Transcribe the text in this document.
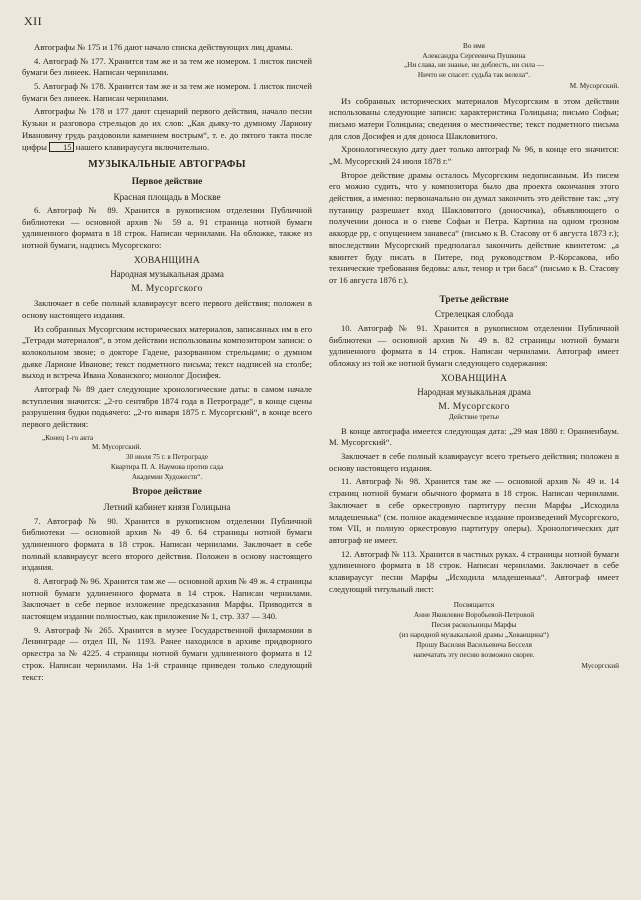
XII

Автографы № 175 и 176 дают начало списка действующих лиц драмы.

4. Автограф № 177. Хранится там же и за тем же номером. 1 листок писчей бумаги без линеек. Написан чернилами.

5. Автограф № 178. Хранится там же и за тем же номером. 1 листок писчей бумаги без линеек. Написан чернилами.

Автографы № 178 и 177 дают сценарий первого действия, начало песни Кузьки и разговора стрельцов до их слов: „Как дьяку-то думному Лариону Ивановичу грудь раздовоили камением вострым“, т. е. до пятого такта после цифры 15 нашего клавираусуга включительно.

МУЗЫКАЛЬНЫЕ АВТОГРАФЫ
Первое действие
Красная площадь в Москве

6. Автограф № 89. Хранится в рукописном отделении Публичной библиотеки — основной архив № 59 а. 91 страница нотной бумаги удлиненного формата в 18 строк. Написан чернилами. На обложке, также из нотной бумаги, надпись Мусоргского:

ХОВАНЩИНА
Народная музыкальная драма
М. Мусоргского

Заключает в себе полный клавираусуг всего первого действия; положен в основу настоящего издания.

Из собранных Мусоргским исторических материалов, записанных им в его „Тетради материалов“, в этом действии использованы композитором записи: о колокольном звоне; о докторе Гадене, разорванном стрельцами; о думном дьяке Ларионе Иванове; текст подметного письма; текст надписей на столбе; выход и встреча Ивана Хованского; монолог Досифея.

Автограф № 89 дает следующие хронологические даты: в самом начале вступления значится: „2-го сентября 1874 года в Петрограде“, в конце сцены разрушения будки подьячего: „2-го января 1875 г. Мусоргский“, в конце всего первого действия:

„Конец 1-го акта
М. Мусоргский.
30 июля 75 г. в Петрограде
Квартира П. А. Наумова против сада
Академии Художеств“.
Второе действие
Летний кабинет князя Голицына

7. Автограф № 90. Хранится в рукописном отделении Публичной библиотеки — основной архив № 49 б. 64 страницы нотной бумаги удлиненного формата в 18 строк. Написан чернилами. Заключает в себе полный клавираусуг всего второго действия. Положен в основу настоящего издания.

8. Автограф № 96. Хранится там же — основной архив № 49 ж. 4 страницы нотной бумаги удлиненного формата в 14 строк. Написан чернилами. Заключает в себе первое изложение предсказания Марфы. Приводится в настоящем издании полностью, как приложение № 1, стр. 337 — 340.

9. Автограф № 265. Хранится в музее Государственной филармонии в Ленинграде — отдел III, № 1193. Ранее находился в архиве придворного оркестра за № 4225. 4 страницы нотной бумаги удлиненного формата в 12 строк. Написан чернилами. На 1-й странице приведен только следующий текст:

Во имя
Александра Сергеевича Пушкина
„Ни слава, ни знанье, ни доблесть, ни сила —
Ничто не спасет: судьба так велела“.
М. Мусоргский.

Из собранных исторических материалов Мусоргским в этом действии использованы следующие записи: характеристика Голицына; письмо Софьи; письмо матери Голицына; сведения о местничестве; текст подметного письма для слов Досифея и для доноса Шакловитого.

Хронологическую дату дает только автограф № 96, в конце его значится: „М. Мусоргский 24 июля 1878 г.“

Второе действие драмы осталось Мусоргским недописанным. Из писем его можно судить, что у композитора было два проекта окончания этого действия, а именно: первоначально он думал закончить это действие так: „эту путаницу разрешает вход Шакловитого (доносчика), объявляющего о получении доноса и о гневе Софьи и Петра. Картина на одном грозном аккорде pp, с опущением занавеса“ (письмо к В. Стасову от 6 августа 1873 г.); впоследствии Мусоргский предполагал закончить действие квинтетом: „а квинтет буду писать в Питере, под руководством Р.-Корсакова, ибо технические требования бедовы: альт, тенор и три баса“ (письмо к В. Стасову от 16 августа 1876 г.).

Третье действие
Стрелецкая слобода

10. Автограф № 91. Хранится в рукописном отделении Публичной библиотеки — основной архив № 49 в. 82 страницы нотной бумаги удлиненного формата в 14 строк. Написан чернилами. Автограф имеет обложку из той же нотной бумаги следующего содержания:

ХОВАНЩИНА
Народная музыкальная драма
М. Мусоргского
Действие третье

В конце автографа имеется следующая дата: „29 мая 1880 г. Ораниенбаум. М. Мусоргский“.

Заключает в себе полный клавираусуг всего третьего действия; положен в основу настоящего издания.

11. Автограф № 98. Хранится там же — основной архив № 49 и. 14 страниц нотной бумаги обычного формата в 18 строк. Написан чернилами. Заключает в себе оркестровую партитуру песни Марфы „Исходила младешенька“ (см. полное академическое издание произведений Мусоргского, том VII, и полную оркестровую партитуру оперы). Хронологических дат автограф не имеет.

12. Автограф № 113. Хранится в частных руках. 4 страницы нотной бумаги удлиненного формата в 18 строк. Написан чернилами. Заключает в себе клавираусуг песни Марфы „Исходила младешенька“. Автограф имеет следующий титульный лист:

Посвящается
Анне Яковлевне Воробьевой-Петровой
Песня раскольницы Марфы
(из народной музыкальной драмы „Хованщина“)
Прошу Василия Васильевича Бесселя
напечатать эту песню возможно скорее.
Мусоргский
